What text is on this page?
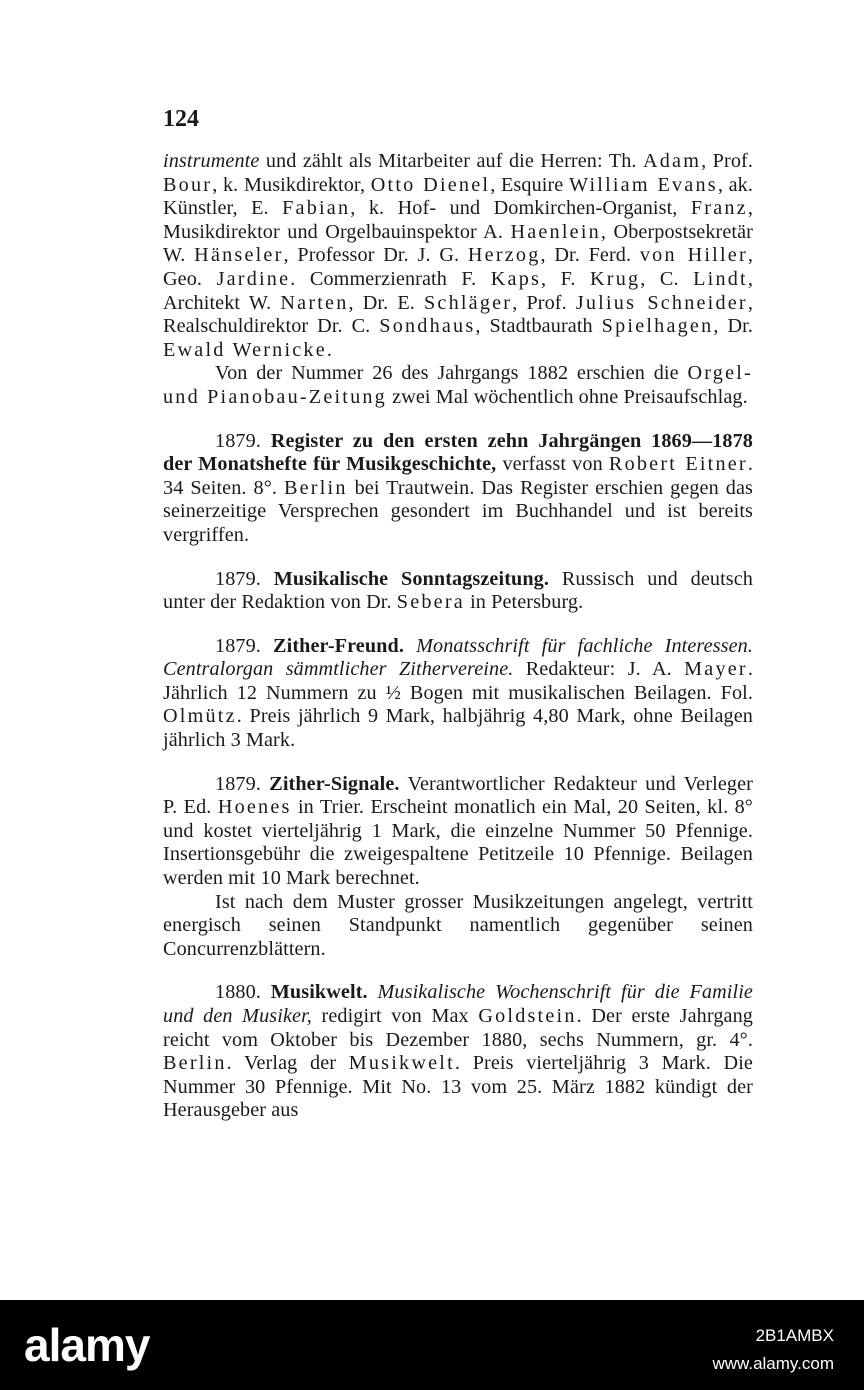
124

instrumente und zählt als Mitarbeiter auf die Herren: Th. Adam, Prof. Bour, k. Musikdirektor, Otto Dienel, Esquire William Evans, ak. Künstler, E. Fabian, k. Hof- und Domkirchen-Organist, Franz, Musikdirektor und Orgelbauinspektor A. Haenlein, Oberpostsekretär W. Hänseler, Professor Dr. J. G. Herzog, Dr. Ferd. von Hiller, Geo. Jardine. Commerzienrath F. Kaps, F. Krug, C. Lindt, Architekt W. Narten, Dr. E. Schläger, Prof. Julius Schneider, Realschuldirektor Dr. C. Sondhaus, Stadtbaurath Spielhagen, Dr. Ewald Wernicke.

Von der Nummer 26 des Jahrgangs 1882 erschien die Orgel- und Pianobau-Zeitung zwei Mal wöchentlich ohne Preisaufschlag.

1879. Register zu den ersten zehn Jahrgängen 1869—1878 der Monatshefte für Musikgeschichte, verfasst von Robert Eitner. 34 Seiten. 8°. Berlin bei Trautwein. Das Register erschien gegen das seinerzeitige Versprechen gesondert im Buchhandel und ist bereits vergriffen.

1879. Musikalische Sonntagszeitung. Russisch und deutsch unter der Redaktion von Dr. Sebera in Petersburg.

1879. Zither-Freund. Monatsschrift für fachliche Interessen. Centralorgan sämmtlicher Zithervereine. Redakteur: J. A. Mayer. Jährlich 12 Nummern zu ½ Bogen mit musikalischen Beilagen. Fol. Olmütz. Preis jährlich 9 Mark, halbjährig 4,80 Mark, ohne Beilagen jährlich 3 Mark.

1879. Zither-Signale. Verantwortlicher Redakteur und Verleger P. Ed. Hoenes in Trier. Erscheint monatlich ein Mal, 20 Seiten, kl. 8° und kostet vierteljährig 1 Mark, die einzelne Nummer 50 Pfennige. Insertionsgebühr die zweigespaltene Petitzeile 10 Pfennige. Beilagen werden mit 10 Mark berechnet.

Ist nach dem Muster grosser Musikzeitungen angelegt, vertritt energisch seinen Standpunkt namentlich gegenüber seinen Concurrenzblättern.

1880. Musikwelt. Musikalische Wochenschrift für die Familie und den Musiker, redigirt von Max Goldstein. Der erste Jahrgang reicht vom Oktober bis Dezember 1880, sechs Nummern, gr. 4°. Berlin. Verlag der Musikwelt. Preis vierteljährig 3 Mark. Die Nummer 30 Pfennige. Mit No. 13 vom 25. März 1882 kündigt der Herausgeber aus

alamy	2B1AMBX
www.alamy.com
